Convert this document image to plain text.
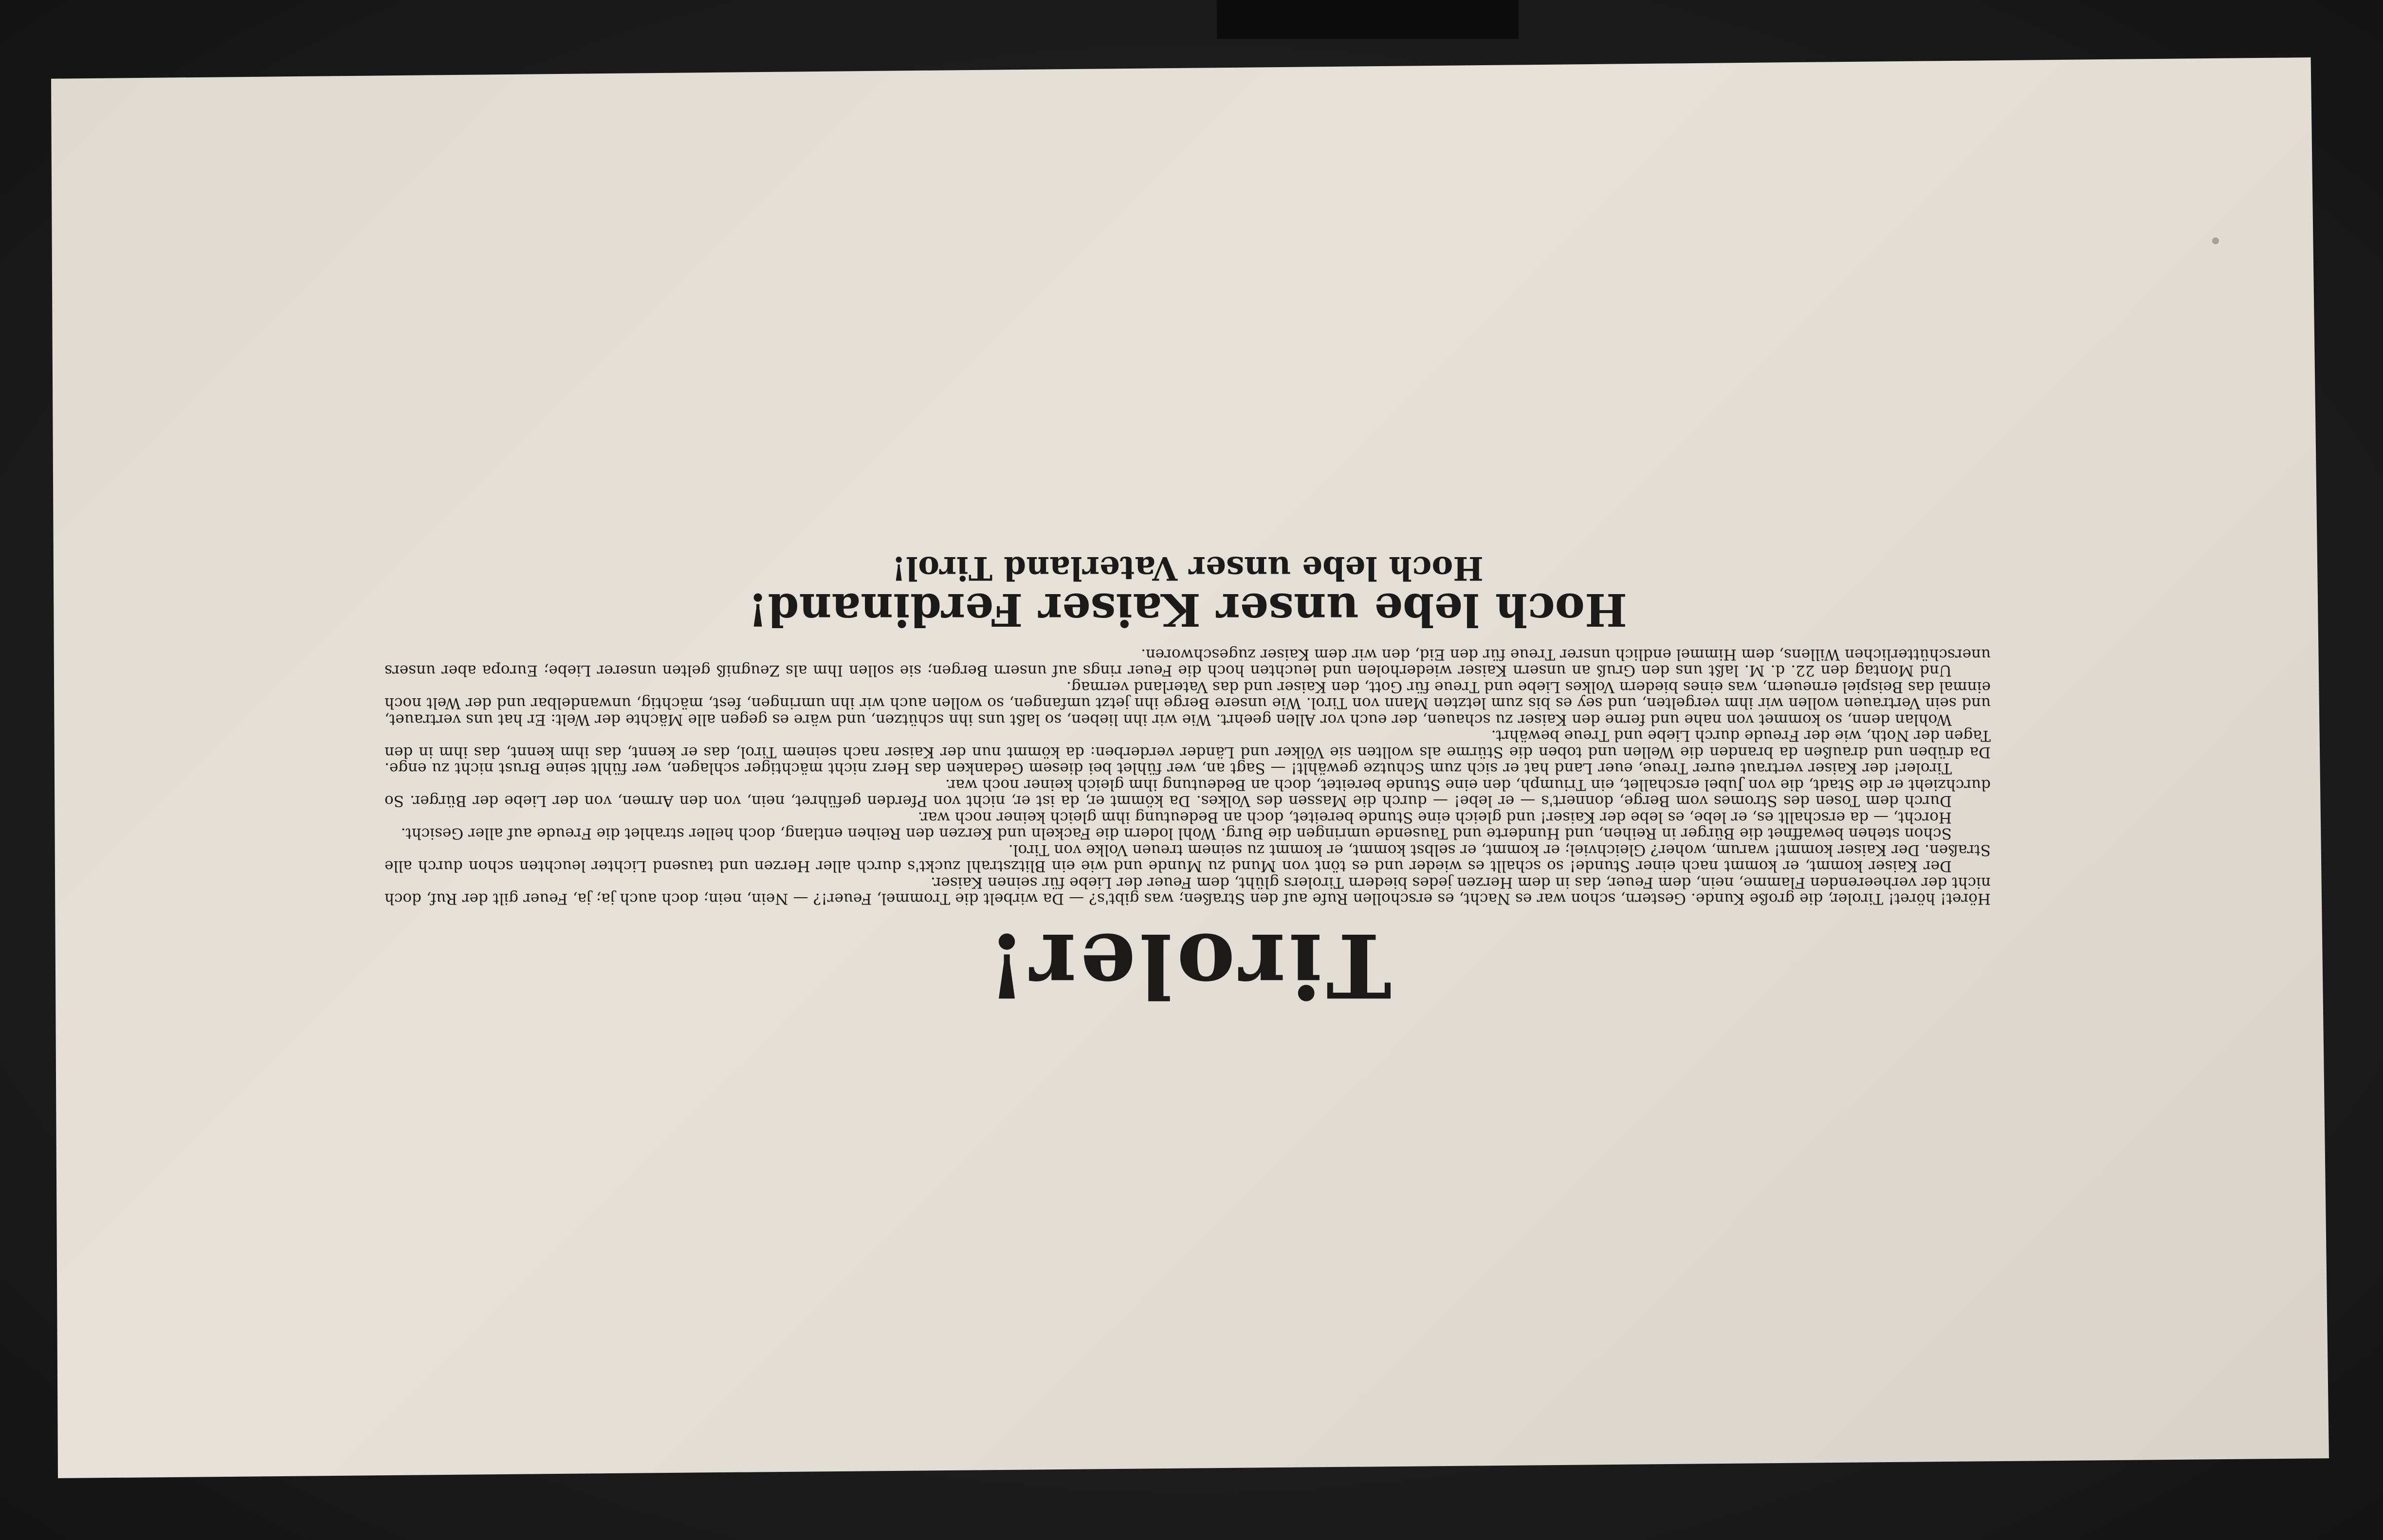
Tiroler!

Höret! höret! Tiroler, die große Kunde. Gestern, schon war es Nacht, es erschollen Rufe auf den Straßen; was gibt's? — Da wirbelt die Trommel, Feuer!? — Nein, nein; doch auch ja; ja, Feuer gilt der Ruf, doch nicht der verheerenden Flamme, nein, dem Feuer, das in dem Herzen jedes biedern Tirolers glüht, dem Feuer der Liebe für seinen Kaiser.

Der Kaiser kommt, er kommt nach einer Stunde! so schallt es wieder und es tönt von Mund zu Munde und wie ein Blitzstrahl zuckt's durch aller Herzen und tausend Lichter leuchten schon durch alle Straßen. Der Kaiser kommt! warum, woher? Gleichviel; er kommt, er selbst kommt, er kommt zu seinem treuen Volke von Tirol.

Schon stehen bewaffnet die Bürger in Reihen, und Hunderte und Tausende umringen die Burg. Wohl lodern die Fackeln und Kerzen den Reihen entlang, doch heller strahlet die Freude auf aller Gesicht.

Horcht, — da erschallt es, er lebe, es lebe der Kaiser! und gleich eine Stunde bereitet, doch an Bedeutung ihm gleich keiner noch war.

Durch dem Tosen des Stromes vom Berge, donnert's — er lebe! — durch die Massen des Volkes. Da kömmt er, da ist er, nicht von Pferden geführet, nein, von den Armen, von der Liebe der Bürger. So durchzieht er die Stadt, die von Jubel erschallet, ein Triumph, den eine Stunde bereitet, doch an Bedeutung ihm gleich keiner noch war.

Tiroler! der Kaiser vertraut eurer Treue, euer Land hat er sich zum Schutze gewählt! — Sagt an, wer fühlet bei diesem Gedanken das Herz nicht mächtiger schlagen, wer fühlt seine Brust nicht zu enge. Da drüben und draußen da branden die Wellen und toben die Stürme als wollten sie Völker und Länder verderben: da kömmt nun der Kaiser nach seinem Tirol, das er kennt, das ihm kennt, das ihm in den Tagen der Noth, wie der Freude durch Liebe und Treue bewährt.

Wohlan denn, so kommet von nahe und ferne den Kaiser zu schauen, der euch vor Allen geehrt. Wie wir ihn lieben, so laßt uns ihn schützen, und wäre es gegen alle Mächte der Welt: Er hat uns vertrauet, und sein Vertrauen wollen wir ihm vergelten, und sey es bis zum letzten Mann von Tirol. Wie unsere Berge ihn jetzt umfangen, so wollen auch wir ihn umringen, fest, mächtig, unwandelbar und der Welt noch einmal das Beispiel erneuern, was eines biedern Volkes Liebe und Treue für Gott, den Kaiser und das Vaterland vermag.

Und Montag den 22. d. M. laßt uns den Gruß an unsern Kaiser wiederholen und leuchten hoch die Feuer rings auf unsern Bergen; sie sollen Ihm als Zeugniß gelten unserer Liebe; Europa aber unsers unerschütterlichen Willens, dem Himmel endlich unsrer Treue für den Eid, den wir dem Kaiser zugeschworen.

Hoch lebe unser Kaiser Ferdinand!
Hoch lebe unser Vaterland Tirol!
